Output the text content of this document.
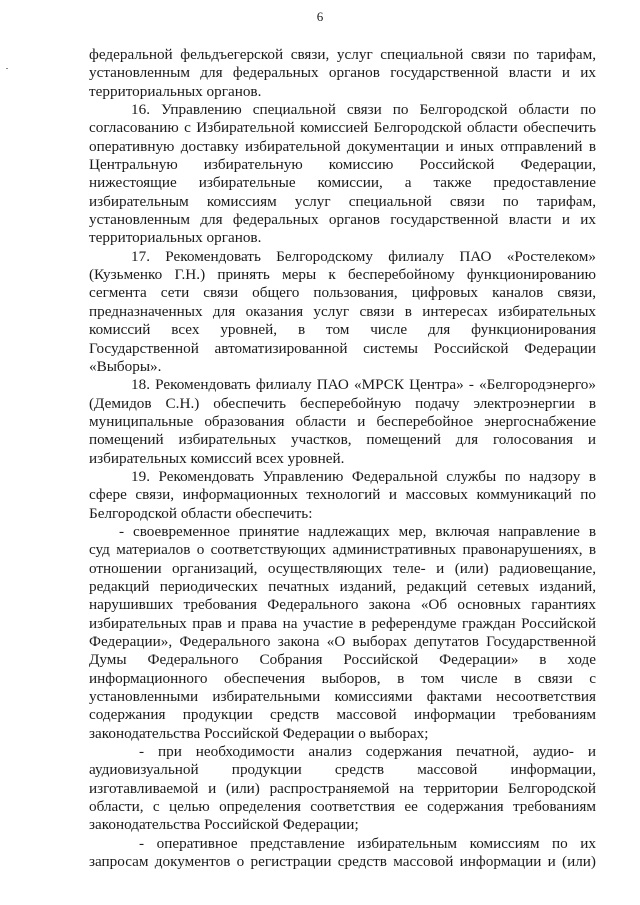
6
федеральной фельдъегерской связи, услуг специальной связи по тарифам,
установленным для федеральных органов государственной власти и их
территориальных органов.
16. Управлению специальной связи по Белгородской области по
согласованию с Избирательной комиссией Белгородской области обеспечить
оперативную доставку избирательной документации и иных отправлений в
Центральную избирательную комиссию Российской Федерации,
нижестоящие избирательные комиссии, а также предоставление
избирательным комиссиям услуг специальной связи по тарифам,
установленным для федеральных органов государственной власти и их
территориальных органов.
17. Рекомендовать Белгородскому филиалу ПАО «Ростелеком»
(Кузьменко Г.Н.) принять меры к бесперебойному функционированию
сегмента сети связи общего пользования, цифровых каналов связи,
предназначенных для оказания услуг связи в интересах избирательных
комиссий всех уровней, в том числе для функционирования
Государственной автоматизированной системы Российской Федерации
«Выборы».
18. Рекомендовать филиалу ПАО «МРСК Центра» - «Белгородэнерго»
(Демидов С.Н.) обеспечить бесперебойную подачу электроэнергии в
муниципальные образования области и бесперебойное энергоснабжение
помещений избирательных участков, помещений для голосования и
избирательных комиссий всех уровней.
19. Рекомендовать Управлению Федеральной службы по надзору в
сфере связи, информационных технологий и массовых коммуникаций по
Белгородской области обеспечить:
- своевременное принятие надлежащих мер, включая направление в
суд материалов о соответствующих административных правонарушениях, в
отношении организаций, осуществляющих теле- и (или) радиовещание,
редакций периодических печатных изданий, редакций сетевых изданий,
нарушивших требования Федерального закона «Об основных гарантиях
избирательных прав и права на участие в референдуме граждан Российской
Федерации», Федерального закона «О выборах депутатов Государственной
Думы Федерального Собрания Российской Федерации» в ходе
информационного обеспечения выборов, в том числе в связи с
установленными избирательными комиссиями фактами несоответствия
содержания продукции средств массовой информации требованиям
законодательства Российской Федерации о выборах;
- при необходимости анализ содержания печатной, аудио- и
аудиовизуальной продукции средств массовой информации,
изготавливаемой и (или) распространяемой на территории Белгородской
области, с целью определения соответствия ее содержания требованиям
законодательства Российской Федерации;
- оперативное представление избирательным комиссиям по их
запросам документов о регистрации средств массовой информации и (или)
